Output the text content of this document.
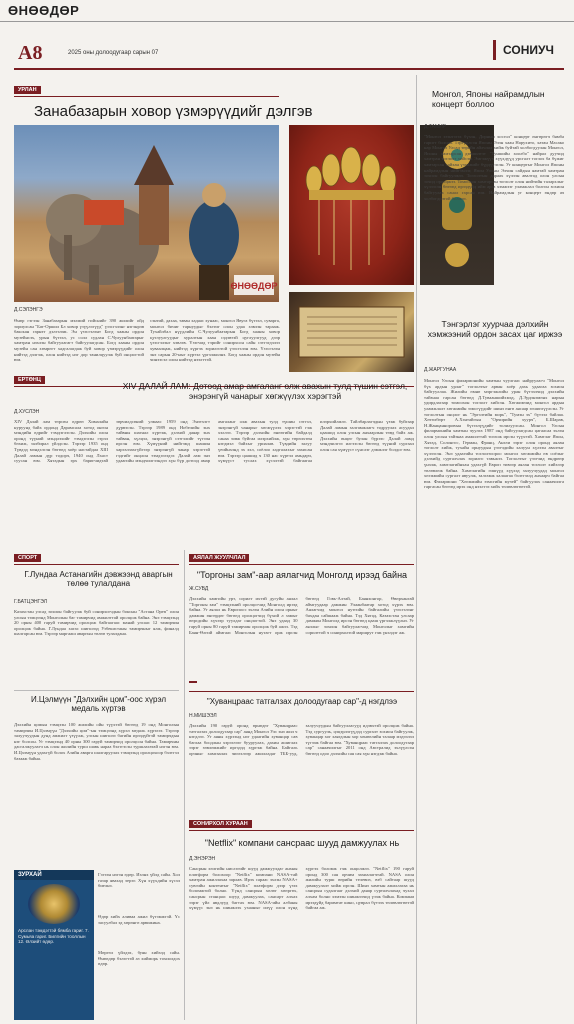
ӨНӨӨДӨР
A8	2025 оны долоодугаар сарын 07	СОНИУЧ
УРЛАН
Занабазарын ховор үзмэрүүдийг дэлгэв
ӨНӨӨДӨР
Д.СЭЛЭНГЭ
Өнөр гэгээн Занабазарын мэлмий гийснийг 390 жилийг ойд зориулсан "Бат-Оршил Бл ховор үзүүлэгүүд" үзэсгэлэнг нэгэнрэв бакскан гарнэт дэлгэлэж. Эн үзэсгэлэнт Богд хааны ордон музейнсэх, урын бүтээл, ус солл судлан С.Чулуунбаатарыг хамтран нэхлэн байгуулагагт байгуулагдсан. Богд хааны ордон музейн сан хөмрөгт хадгалагдаж буй ховор үзмэрүүдийг олон нийтэд дэлгэж, олон нийтэд нэг дор танилцуулж буй онцлогтой юм.
сэнтий, дахаа, таван хадаас хунаас, монгол Явуга бүтээл, суварга, монгол бичиг тарнуудыг бэлтиг олон удаа хэвлэн тарааж. Тухайлбал нүүдлийн С.Чулуунбаатарын Богд хааны ховор цуглуулгуудыг хуралтын хаан сэдэвтэй цуглуулгууд дээр үзэсгэлэнг хэвлэв. Үзэгчид тэрийг сонирхсон сайн сэтгэгдэлээ хуваалцаж, нийтэд хүргэх зорилготой үзэсгэлэн юм. Үзэсгэлэн энэ сарын 20-ныг хүртэл үргэлжилнэ. Богд хааны ордон музейн чинээсэл олон нийтэд нээлттэй.
Монгол, Японы найрамдлын концерт боллоо
Д.ТАМИР
"Монгол эзэнтэгэх бүхэн, Дорнын хосгол" концерт өнгөрөгч бямба гаригт болсон. Тэргүүлсэн Японы Элэн хаан Нарухито, хатан Масако нар Монгол Улсад төрийн айлчлал хийж буйтай холбогдуулан Монгол, Японы хамтарсан дэвшилтэт "Туншийн хоолбо" найрал дуучид хамтран тоглолт хийсэн. Эмгэжүүх хүүхдүүд урсгалт тоглох ба бүжиг хамтарсан сайхан үзэмжийг бүрдүүлсэн. Уг концертыг Монгол Японы найрамдлын нийгэмлэг, Япон Улсын Элчин сайдын яамтай хамтран зохион байгуулжээ. Тоглолтын дараах хүлээн авалтад олон улсын зочид оролцжээ. Томоохон хамтарсан тоглолт олон нийтийн талархлыг хүлээсэн бөгөөд ирээдүйд ийм арга хэмжээг уламжлал болгон зохион байгуулах санал гарсан юм. Найрамдлын уг концерт өндөр ач холбогдолтой болжээ.
Тэнгэрлэг хуурчаа дэлхийн хэмжээний ордон засах цаг иржээ
Д.ЖАРГУНАА
Монгол Улсын филармонийн хамтын чуулгаас найруулагч "Монгол бүх ардын урлаг" тоглолтыг арван хоёр дахь удаагаа зохион байгууллаа. Жилийн өмнө мэргэжлийн уран бүтээлчид дэлхийн тайзнаа гарсан бөгөөд Д.Тувааншийхмэд, Д.Эрдэнэмөнх нарын удирдлагаар томоохон тоглолт хийсэн. Хөгжимчид монгол ардын уламжлалт хөгжмийн зэмсгүүдийг шинэ өнгө аясаар эгшиглүүлсэн. Уг тоглолтын онцлог нь "Эргэлтийн морь", "Тумэн эх" бүтээл байлаа. Хөтөлбөрт А.Хэнтайгын "Орчирийн хуурч", Б.Шарав, Н.Жанцанноровын бүтээлүүдийг толилуулсан. Монгол Улсын филармонийн хамтын чуулга 1987 онд байгуулагдсан цагаасаа эхлэн олон улсын тайзнаа амжилттай тоглож ирсэн түүхтэй. Хамтлаг Япон, Хятад, Солонгос, Герман, Франц, Англи зэрэг олон оронд аялан тоглолт хийж, тухайн орнуудын үзэгчдийн халуун хүлээн авалтыг хүлээсэн. Энэ удаагийн тоглолтоороо монгол хөгжмийн өв соёлыг дэлхийд сурталчлах зорилго тавьжээ. Тоглолтыг үзэгчид өндрөөр үнэлж, хамтлагийнхан удахгүй Европ тивээр аялан тоглолт хийхээр төлөвлөж байна. Хамтлагийн гишүүд хүүхэд залуучуудад монгол хөгжмийн сургалт явуулж, залгамж халаагаа бэлтгэхэд анхаарч байгаа юм. Филармони "Хөгжмийн зэмсгийн музей" байгуулах санаачилга гаргасан бөгөөд ирэх онд нээлтээ хийх төлөвлөгөөтэй.
ЕРТӨНЦ
XIV ДАЛАЙ ЛАМ: Дотоод амар амгаланг олж авахын тулд түшин сэтгэл, энэрэнгүй чанарыг хөгжүүлэх хэрэгтэй
Д.ХУСЛЭН
XIV Далай лам төрсөн өдрөө Хималайн нуруунд байх ордонд Дарамсала хотод онгон мэндийн өдрийг тэмдэглэсэн. Дэлхийн олон оронд түүний мэндлэхийг тэмдэглэн гэрэл бөхиж, залбирал үйлдсэн. Тэрээр 1935 онд Түвдэд мэндэлсэн бөгөөд хоёр настайдаа XIII Далай ламын дүр тодорч, 1940 онд Лхаст суусан юм. Хятадын эрх баригчидтай зөрчилдсөний улмаас 1959 онд Энэтхэгт дүрвэсэн. Тэрээр 1989 онд Нобелийн энх тайвны шагнал хүртэж, дэлхий даяар энх тайван, хүлцэл, энэрэнгүй сэтгэлийг түгээн ирсэн юм. Хүмүүний нийгэмд шашин харгалзахгүйгээр энэрэнгүй чанар хэрэгтэй гэдгийг онцлон тэмдэглэдэг. Далай лам энэ удаагийн мэндчилгээндээ хүн бүр дотоод амар амгаланг олж авахын тулд түшин сэтгэл, энэрэнгүй чанарыг хөгжүүлэх хэрэгтэй гэж хэллээ. Тэрээр дэлхийн өнөөгийн байдалд санаа зовж буйгаа илэрхийлж, хүн төрөлхтөн нэгдмэл байхыг уриалав. Түвдийн залуу үеийнхэнд эх хэл, соёлоо хадгалахыг захисан юм. Тэрээр цаашид ч 130 нас хүртэл амьдарч, хүмүүст туслах хүсэлтэй байгаагаа илэрхийлжээ. Тайлбарлагчдын үзэж буйгаар Далай ламын залгамжлагч тодруулах асуудал цаашид олон улсын анхаарлын төвд байх аж. Дэлхийн өнцөг булан бүрээс Далай ламд мэндчилгээ илгээсэн бөгөөд түүний сургаал олон сая хүмүүст сүнслэг дэмжлэг болдог юм.
СПОРТ
Г.Лундаа Астанагийн дэвжээнд аваргын төлөө тулалдана
Г.БАТЦЭНГЭЛ
Казахстан улсад зохион байгуулж буй сонирхогчдын боксын "Астана Open" олон улсын тэмцээнд Монголын баг тамирчид амжилттай оролцож байна. Энэ тэмцээнд 20 орны 400 гаруй тамирчид оролцож байгаагаас манай улсаас 12 тамирчин оролцож байна. Г.Лундаа хагас шигшээд Узбекистаны тамирчныг ялж, финалд шалгарсан юм. Тэрээр маргааш аваргын төлөө тулалдана.
И.Цэлмүүн "Дэлхийн цом"-оос хүрэл медаль хүртэв
Дэлхийн цомын тэмцээн 100 жилийн ойн түүхтэй бөгөөд 19 онд Монголын тамирчин И.Цэлмүүн "Дэлхийн цом"-ын тэмцээнд хүрэл медаль хүртлээ. Тэрээр залуучуудын дунд амжилт үзүүлж, улсын шигшээ багийн ирээдүйтэй тамирчдын нэг болсон. Уг тэмцээнд 40 орны 300 гаруй тамирчид оролцсон байна. Тамирчны дасгалжуулагч нь олон жилийн турш шавь нараа бэлтгэсэн туршлагатай нэгэн юм. И.Цэлмүүн удахгүй болох Азийн аварга шалгаруулах тэмцээнд оролцохоор бэлтгэл базааж байна.
ЗУРХАЙ
Арслан тэмдэгтэй бямба гариг. 7. Сумьяа гариг. Билгийн тооллын 12. Өлзийт өдөр.
Гэгээн нэгэн өдөр. Ихэнх үйлд сайн. Хол газар явахад эерэг. Хүн хүүхдийн хүсэл биелнэ.
Өдөр хийх аливаа ажил бүтэмжтэй. Үс засуулбал эд хөрөнгө арвижина.
Мөргөл үйлдэх, буян хийхэд сайн. Өнөөдөр бэлэгтэй аз хийморь тохиолдох өдөр.
АЯЛАЛ ЖУУЛЧЛАЛ
"Торгоны зам"-аар аялагчид Монголд ирээд байна
Ж.СУВД
Дэлхийн хамгийн урт, сорилт ихтэй дугуйн аялал "Торгоны зам" тэмцээний оролцогчид Монголд ирээд байна. Уг аялал нь Европоос эхлэн Азийн олон орныг дамжин өнгөрдөг бөгөөд оролцогчид бүхий л замыг өөрсдийн хүчээр туулдаг онцлогтой. Энэ удаад 30 гаруй орны 80 гаруй тамирчин оролцож буй ажээ. Тэд Баян-Өлгий аймгаас Монголын нутагт орж ирсэн бөгөөд Говь-Алтай, Баянхонгор, Өвөрхангай аймгуудаар дамжин Улаанбаатар хотод хүрэх юм. Аялагчид монгол нутгийн байгалийн үзэсгэлэнг бахдан сайшааж байна. Тэд Хятад, Казахстан улсаар дамжин Монголд ирсэн бөгөөд цааш үргэлжлүүлнэ. Уг аяллыг зохион байгуулагчид Монголыг хамгийн сорилттой ч сонирхолтой маршрут гэж үнэлдэг аж.
"Хуванцраас татгалзах долоодугаар сар"-д нэгдлээ
Н.МИШЭЭЛ
Дэлхийн 190 гаруй оронд өрнөдөг "Хуванцраас татгалзах долоодугаар сар" аянд Монгол Улс энэ жил ч нэгдлээ. Уг аяны хүрээнд нэг удаагийн хуванцар сав баглаа боодлын хэрэглээг бууруулах, дахин ашиглах зэрэг зөвлөмжийг иргэдэд хүргэж байна. Байгаль орчныг хамгаалах чиглэлээр ажилладаг ТББ-ууд, залуучуудын байгууллагууд идэвхтэй оролцож байна. Тэд сургууль, цэцэрлэгүүдэд сургалт зохион байгуулж, хуванцар хог хаягдлын хор хөнөөлийн талаар мэдээлэл түгээж байгаа юм. "Хуванцраас татгалзах долоодугаар сар" санаачилгыг 2011 онд Австралид эхлүүлсэн бөгөөд одоо дэлхийн сая сая хүн нэгдэж байна.
СОНИРХОЛ ХУРААН
"Netflix" компани сансраас шууд дамжуулах нь
Д.ЭНЭРЭН
Сансрын хөлгийн нислэгийг шууд дамжуулдаг анхны платформ болохоор "Netflix" компани NASA-тай хамтран ажиллахаа зарлав. Ирэх сараас эхлэн NASA+ сувгийн контентыг "Netflix" платформ дээр үзэх боломжтой болно. Үүнд сансрын хөлөг хөөргөх, сансрын станцаас шууд дамжуулах, сансарт алхах зэрэг үйл явдлууд багтах юм. NASA-ийн албаны хүмүүс энэ нь шинжлэх ухааныг илүү олон хүнд хүргэх боломж гэж онцолжээ. "Netflix" 190 гаруй оронд 300 сая орчим захиалагчтай. NASA олон жилийн турш өөрийн телевиз, вэб сайтаар шууд дамжуулалт хийж ирсэн. Шинэ хамтын ажиллагаа нь сансрын судалгааг дэлхий даяар сурталчлахад чухал алхам болно хэмээн шинжээчид үзэж байна. Компани ирээдүйд баримтат кино, цуврал бүтээх төлөвлөгөөтэй байгаа аж.
